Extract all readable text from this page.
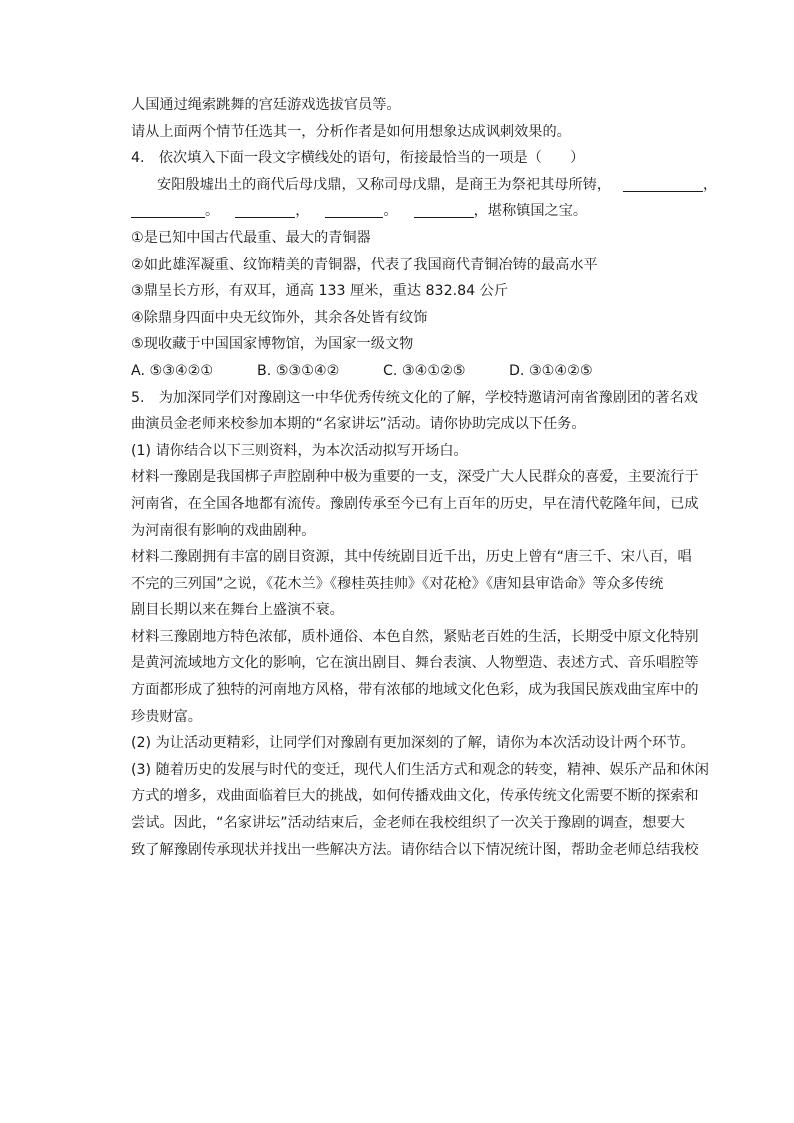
人国通过绳索跳舞的宫廷游戏选拔官员等。
请从上面两个情节任选其一，分析作者是如何用想象达成讽刺效果的。
4.　依次填入下面一段文字横线处的语句，衔接最恰当的一项是（　　）
安阳殷墟出土的商代后母戊鼎，又称司母戊鼎，是商王为祭祀其母所铸，	，
。	，	。	，堪称镇国之宝。
①是已知中国古代最重、最大的青铜器
②如此雄浑凝重、纹饰精美的青铜器，代表了我国商代青铜冶铸的最高水平
③鼎呈长方形，有双耳，通高 133 厘米，重达 832.84 公斤
④除鼎身四面中央无纹饰外，其余各处皆有纹饰
⑤现收藏于中国国家博物馆，为国家一级文物
A. ⑤③④②①	B. ⑤③①④②	C. ③④①②⑤	D. ③①④②⑤
5.　为加深同学们对豫剧这一中华优秀传统文化的了解，学校特邀请河南省豫剧团的著名戏
曲演员金老师来校参加本期的“名家讲坛”活动。请你协助完成以下任务。
(1) 请你结合以下三则资料，为本次活动拟写开场白。
材料一豫剧是我国梆子声腔剧种中极为重要的一支，深受广大人民群众的喜爱，主要流行于
河南省，在全国各地都有流传。豫剧传承至今已有上百年的历史，早在清代乾隆年间，已成
为河南很有影响的戏曲剧种。
材料二豫剧拥有丰富的剧目资源，其中传统剧目近千出，历史上曾有“唐三千、宋八百，唱
不完的三列国”之说，《花木兰》《穆桂英挂帅》《对花枪》《唐知县审诰命》等众多传统
剧目长期以来在舞台上盛演不衰。
材料三豫剧地方特色浓郁，质朴通俗、本色自然，紧贴老百姓的生活，长期受中原文化特别
是黄河流域地方文化的影响，它在演出剧目、舞台表演、人物塑造、表述方式、音乐唱腔等
方面都形成了独特的河南地方风格，带有浓郁的地域文化色彩，成为我国民族戏曲宝库中的
珍贵财富。
(2) 为让活动更精彩，让同学们对豫剧有更加深刻的了解，请你为本次活动设计两个环节。
(3) 随着历史的发展与时代的变迁，现代人们生活方式和观念的转变，精神、娱乐产品和休闲
方式的增多，戏曲面临着巨大的挑战，如何传播戏曲文化，传承传统文化需要不断的探索和
尝试。因此，“名家讲坛”活动结束后，金老师在我校组织了一次关于豫剧的调查，想要大
致了解豫剧传承现状并找出一些解决方法。请你结合以下情况统计图，帮助金老师总结我校
